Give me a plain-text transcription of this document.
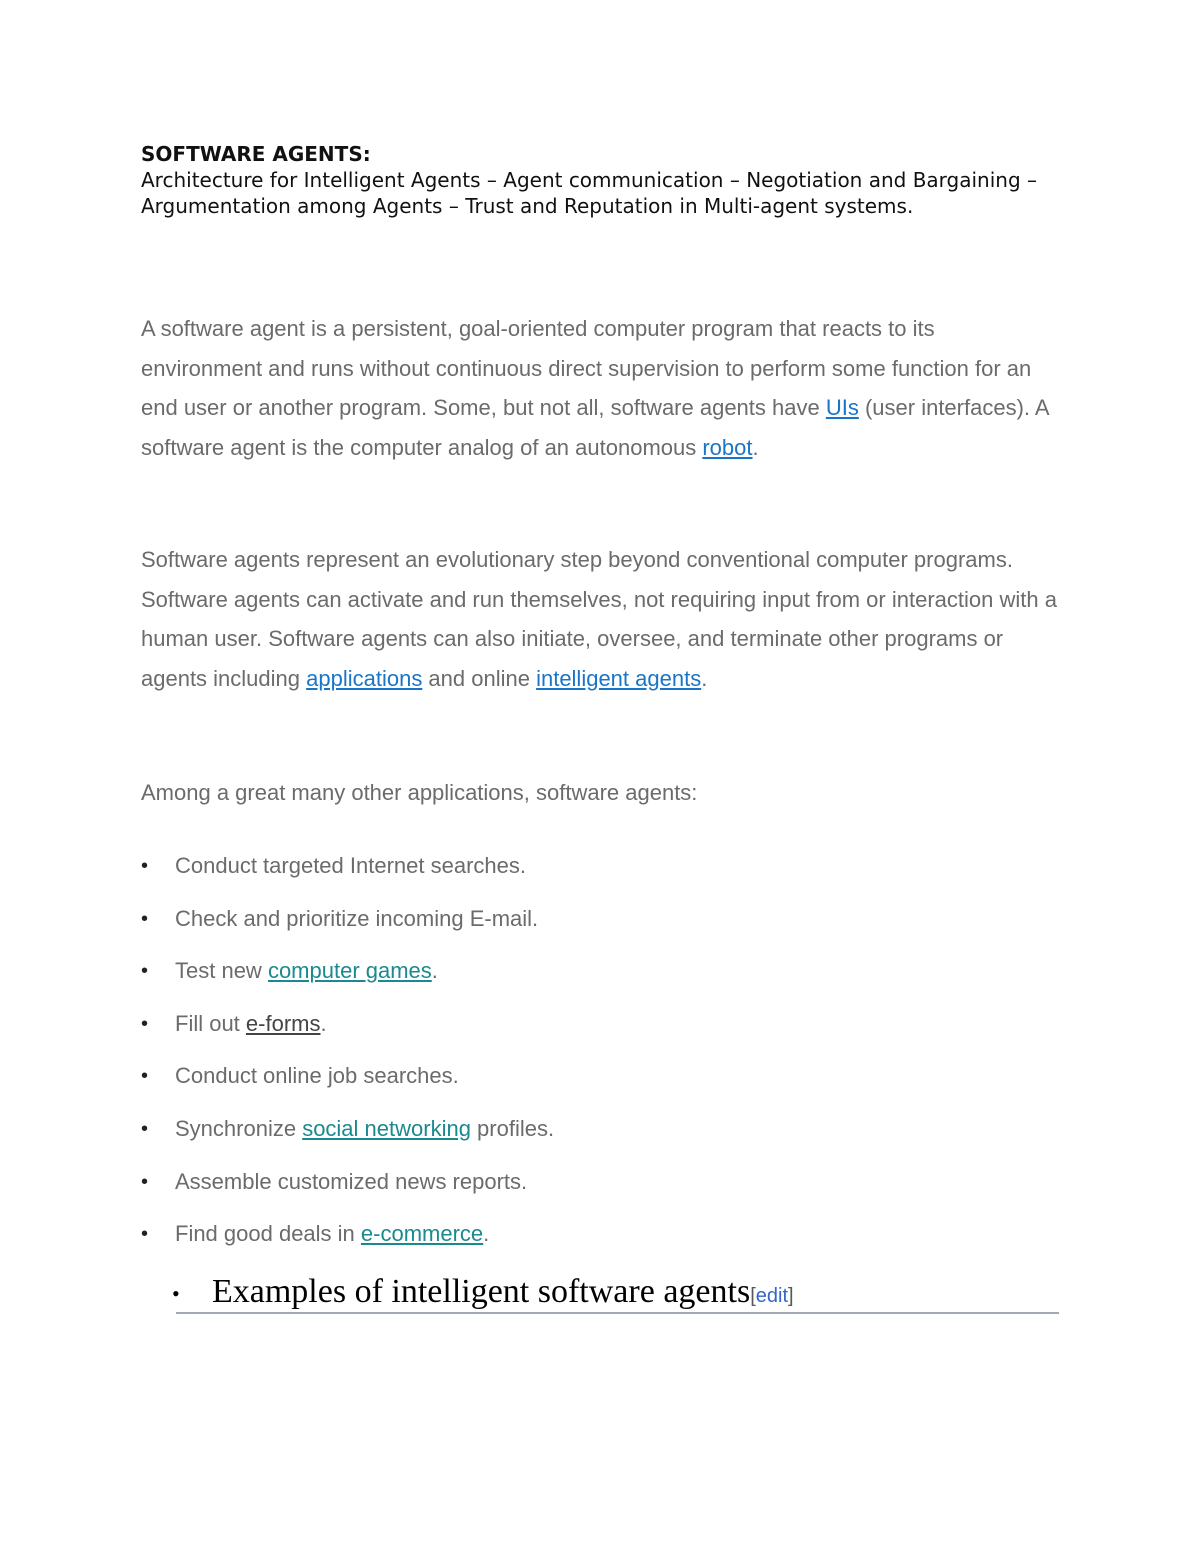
SOFTWARE AGENTS:
Architecture for Intelligent Agents – Agent communication – Negotiation and Bargaining –Argumentation among Agents – Trust and Reputation in Multi-agent systems.

A software agent is a persistent, goal-oriented computer program that reacts to its environment and runs without continuous direct supervision to perform some function for an end user or another program. Some, but not all, software agents have UIs (user interfaces). A software agent is the computer analog of an autonomous robot.

Software agents represent an evolutionary step beyond conventional computer programs. Software agents can activate and run themselves, not requiring input from or interaction with a human user. Software agents can also initiate, oversee, and terminate other programs or agents including applications and online intelligent agents.

Among a great many other applications, software agents:

• Conduct targeted Internet searches.
• Check and prioritize incoming E-mail.
• Test new computer games.
• Fill out e-forms.
• Conduct online job searches.
• Synchronize social networking profiles.
• Assemble customized news reports.
• Find good deals in e-commerce.
• Examples of intelligent software agents[edit]
